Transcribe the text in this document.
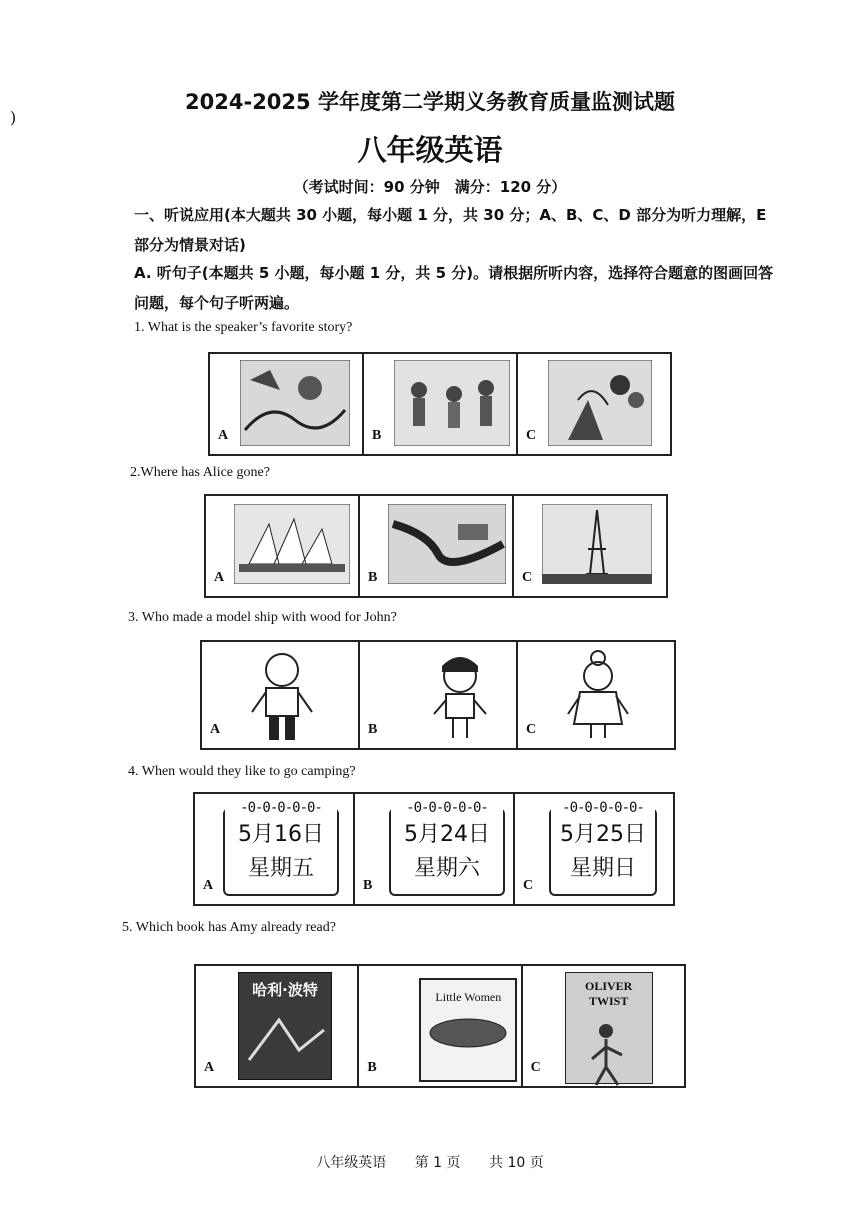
)
2024-2025 学年度第二学期义务教育质量监测试题
八年级英语
（考试时间：90 分钟　满分：120 分）
一、听说应用(本大题共 30 小题，每小题 1 分，共 30 分；A、B、C、D 部分为听力理解，E 部分为情景对话)
A. 听句子(本题共 5 小题，每小题 1 分，共 5 分)。请根据所听内容，选择符合题意的图画回答问题，每个句子听两遍。
1. What is the speaker’s favorite story?
A	B	C
2.Where has Alice gone?
A	B	C
3. Who made a model ship with wood for John?
A	B	C
4. When would they like to go camping?
-0-0-0-0-0-
5月16日
星期五
A
-0-0-0-0-0-
5月24日
星期六
B
-0-0-0-0-0-
5月25日
星期日
C
5. Which book has Amy already read?
哈利·波特
A
Little Women
B
OLIVER TWIST
C
八年级英语 第 1 页 共 10 页
